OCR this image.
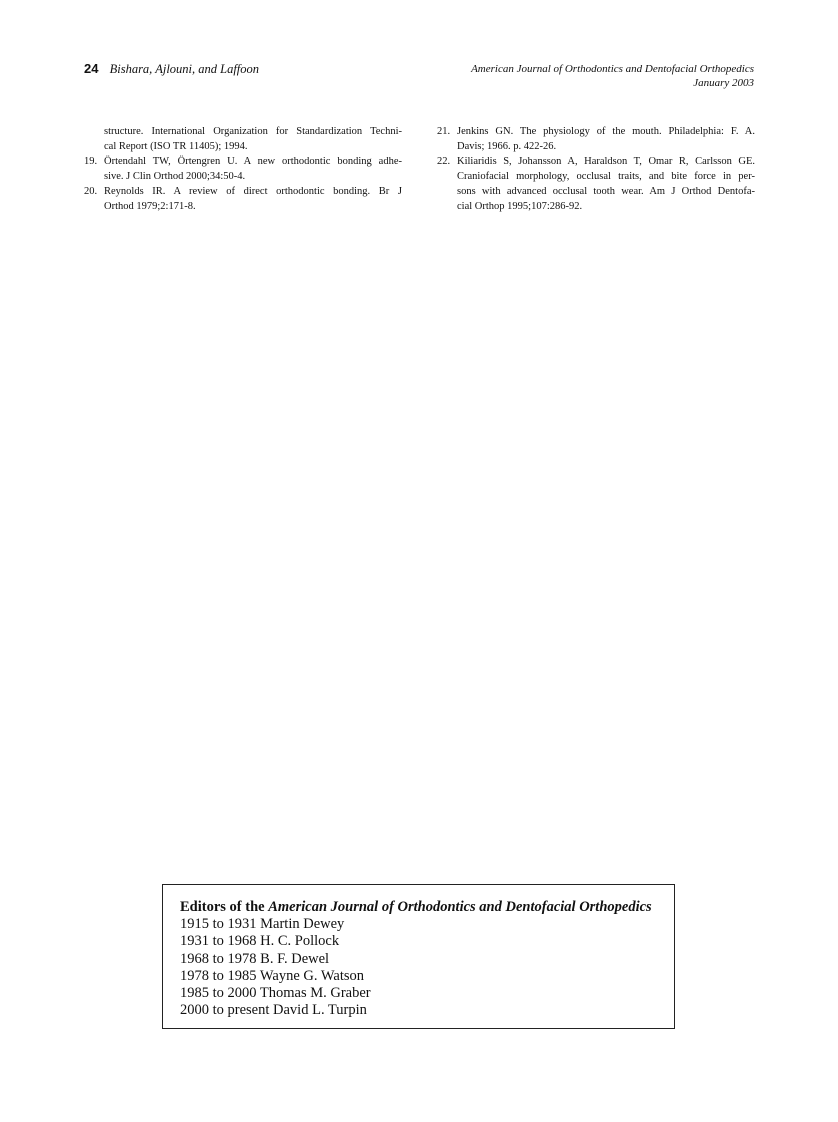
24 Bishara, Ajlouni, and Laffoon	American Journal of Orthodontics and Dentofacial Orthopedics
January 2003
structure. International Organization for Standardization Techni-
cal Report (ISO TR 11405); 1994.
19. Örtendahl TW, Örtengren U. A new orthodontic bonding adhe-
sive. J Clin Orthod 2000;34:50-4.
20. Reynolds IR. A review of direct orthodontic bonding. Br J
Orthod 1979;2:171-8.
21. Jenkins GN. The physiology of the mouth. Philadelphia: F. A.
Davis; 1966. p. 422-26.
22. Kiliaridis S, Johansson A, Haraldson T, Omar R, Carlsson GE.
Craniofacial morphology, occlusal traits, and bite force in per-
sons with advanced occlusal tooth wear. Am J Orthod Dentofa-
cial Orthop 1995;107:286-92.
Editors of the American Journal of Orthodontics and Dentofacial Orthopedics
1915 to 1931 Martin Dewey
1931 to 1968 H. C. Pollock
1968 to 1978 B. F. Dewel
1978 to 1985 Wayne G. Watson
1985 to 2000 Thomas M. Graber
2000 to present David L. Turpin
